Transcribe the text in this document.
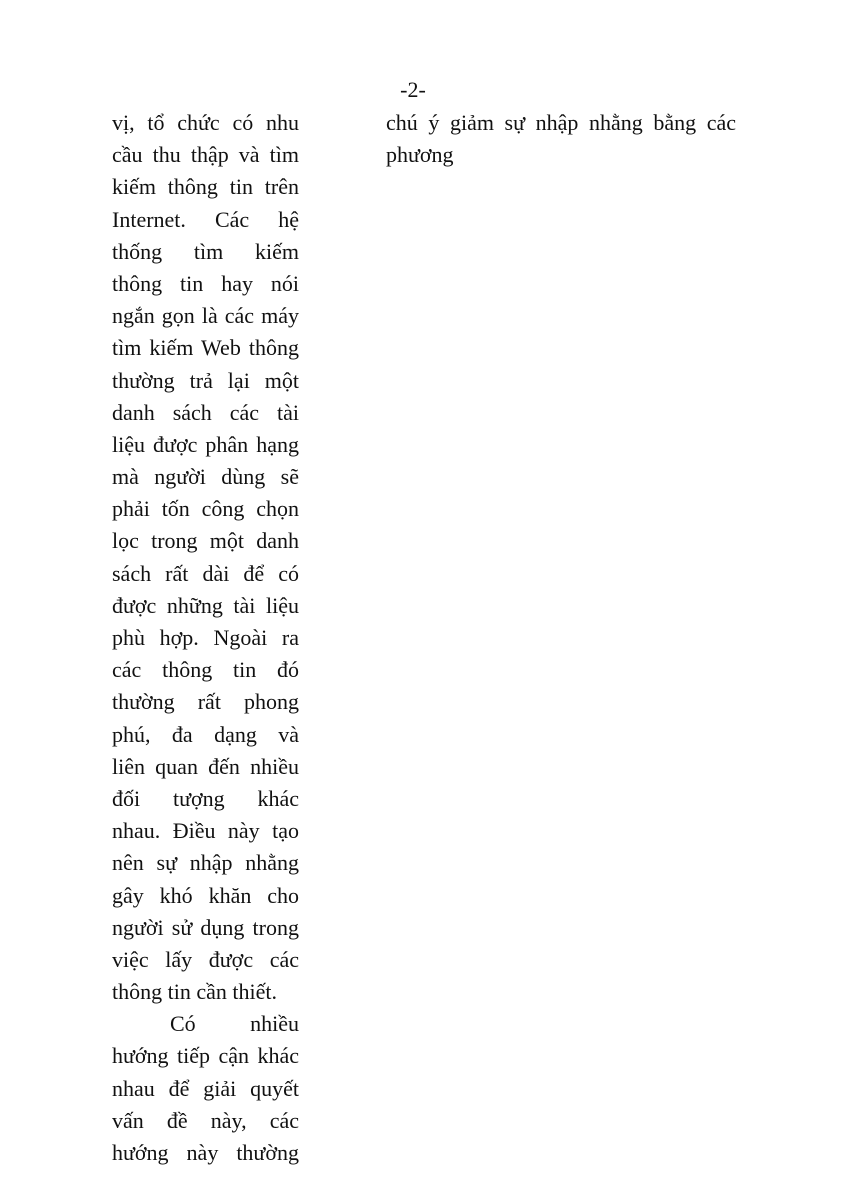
-2-
vị, tổ chức có nhu
cầu thu thập và tìm
kiếm thông tin trên
Internet. Các hệ
thống tìm kiếm
thông tin hay nói
ngắn gọn là các máy
tìm kiếm Web thông
thường trả lại một
danh sách các tài
liệu được phân hạng
mà người dùng sẽ
phải tốn công chọn
lọc trong một danh
sách rất dài để có
được những tài liệu
phù hợp. Ngoài ra
các thông tin đó
thường rất phong
phú, đa dạng và
liên quan đến nhiều
đối tượng khác
nhau. Điều này tạo
nên sự nhập nhằng
gây khó khăn cho
người sử dụng trong
việc lấy được các
thông tin cần thiết.
Có nhiều
hướng tiếp cận khác
nhau để giải quyết
vấn đề này, các
hướng này thường
chú ý giảm sự nhập nhằng bằng các
phương
